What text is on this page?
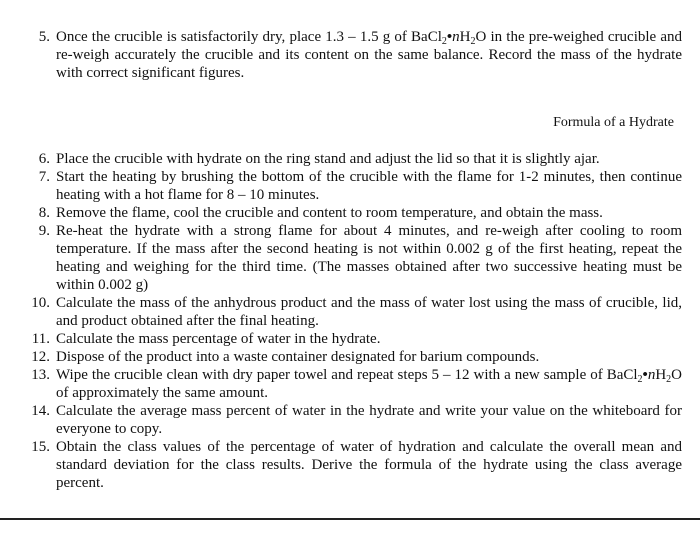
5. Once the crucible is satisfactorily dry, place 1.3 – 1.5 g of $BaCl_2•nH_2O$ in the pre-weighed crucible and re-weigh accurately the crucible and its content on the same balance. Record the mass of the hydrate with correct significant figures.
Formula of a Hydrate
6. Place the crucible with hydrate on the ring stand and adjust the lid so that it is slightly ajar.
7. Start the heating by brushing the bottom of the crucible with the flame for 1-2 minutes, then continue heating with a hot flame for 8 – 10 minutes.
8. Remove the flame, cool the crucible and content to room temperature, and obtain the mass.
9. Re-heat the hydrate with a strong flame for about 4 minutes, and re-weigh after cooling to room temperature. If the mass after the second heating is not within 0.002 g of the first heating, repeat the heating and weighing for the third time. (The masses obtained after two successive heating must be within 0.002 g)
10. Calculate the mass of the anhydrous product and the mass of water lost using the mass of crucible, lid, and product obtained after the final heating.
11. Calculate the mass percentage of water in the hydrate.
12. Dispose of the product into a waste container designated for barium compounds.
13. Wipe the crucible clean with dry paper towel and repeat steps 5 – 12 with a new sample of $BaCl_2•nH_2O$ of approximately the same amount.
14. Calculate the average mass percent of water in the hydrate and write your value on the whiteboard for everyone to copy.
15. Obtain the class values of the percentage of water of hydration and calculate the overall mean and standard deviation for the class results. Derive the formula of the hydrate using the class average percent.
